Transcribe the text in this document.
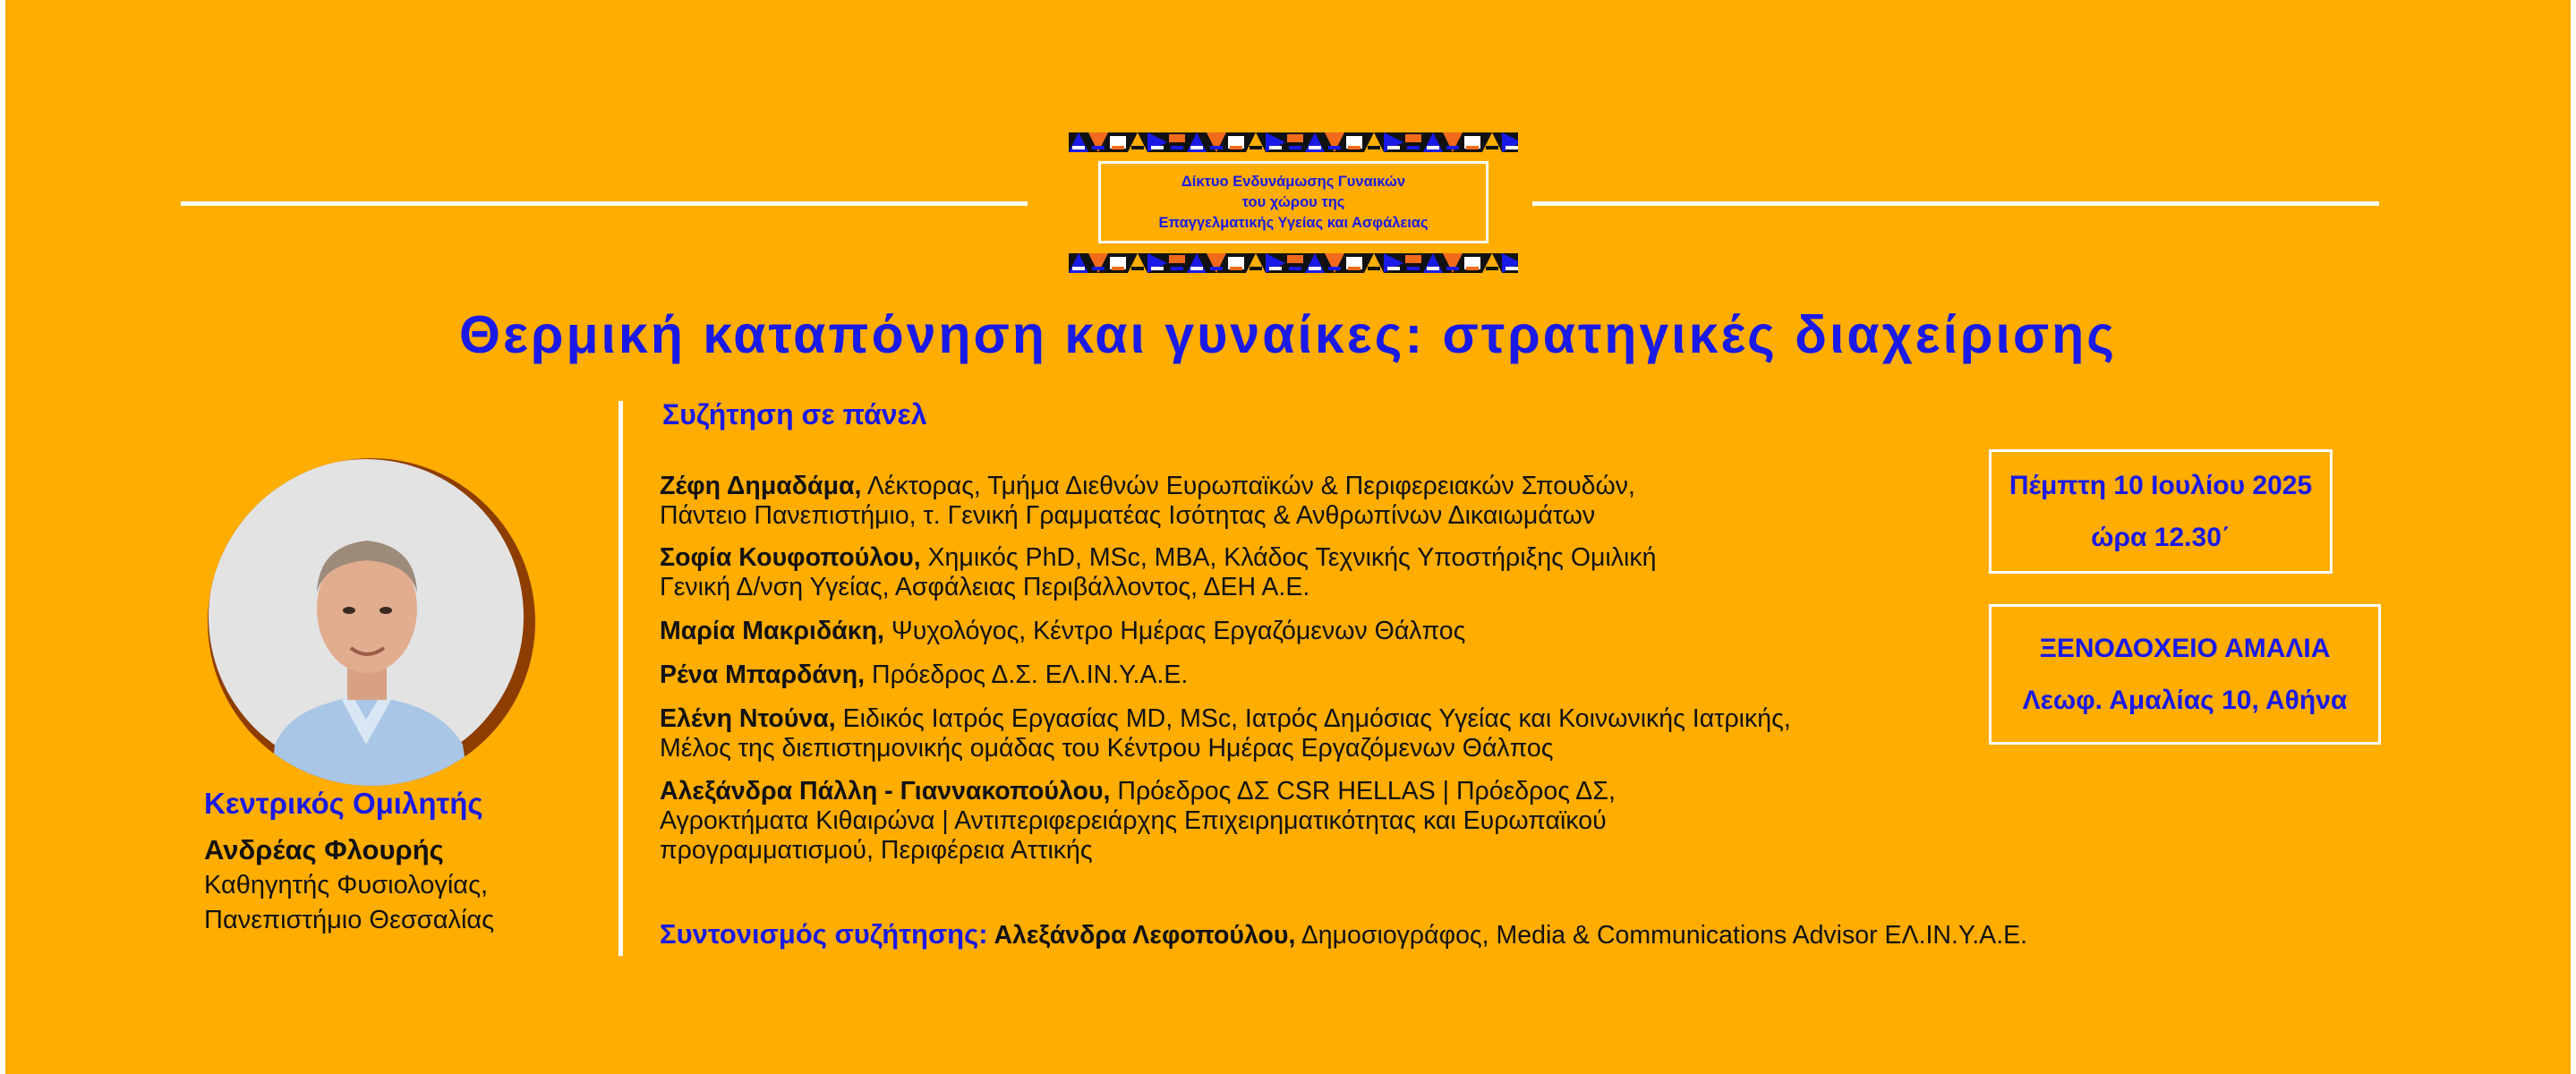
Δίκτυο Ενδυνάμωσης Γυναικών
του χώρου της
Επαγγελματικής Υγείας και Ασφάλειας
Θερμική καταπόνηση και γυναίκες: στρατηγικές διαχείρισης
Κεντρικός Ομιλητής
Ανδρέας Φλουρής
Καθηγητής Φυσιολογίας,
Πανεπιστήμιο Θεσσαλίας
Συζήτηση σε πάνελ
Ζέφη Δημαδάμα, Λέκτορας, Τμήμα Διεθνών Ευρωπαϊκών & Περιφερειακών Σπουδών,
Πάντειο Πανεπιστήμιο, τ. Γενική Γραμματέας Ισότητας & Ανθρωπίνων Δικαιωμάτων
Σοφία Κουφοπούλου, Χημικός PhD, MSc, MBA, Κλάδος Τεχνικής Υποστήριξης Ομιλική
Γενική Δ/νση Υγείας, Ασφάλειας Περιβάλλοντος, ΔΕΗ Α.Ε.
Μαρία Μακριδάκη, Ψυχολόγος, Κέντρο Ημέρας Εργαζόμενων Θάλπος
Ρένα Μπαρδάνη, Πρόεδρος Δ.Σ. ΕΛ.ΙΝ.Υ.Α.Ε.
Ελένη Ντούνα, Ειδικός Ιατρός Εργασίας MD, MSc, Ιατρός Δημόσιας Υγείας και Κοινωνικής Ιατρικής,
Μέλος της διεπιστημονικής ομάδας του Κέντρου Ημέρας Εργαζόμενων Θάλπος
Αλεξάνδρα Πάλλη - Γιαννακοπούλου, Πρόεδρος ΔΣ CSR HELLAS | Πρόεδρος ΔΣ,
Αγροκτήματα Κιθαιρώνα | Αντιπεριφερειάρχης Επιχειρηματικότητας και Ευρωπαϊκού
προγραμματισμού, Περιφέρεια Αττικής
Συντονισμός συζήτησης: Αλεξάνδρα Λεφοπούλου, Δημοσιογράφος, Media & Communications Advisor ΕΛ.ΙΝ.Υ.Α.Ε.
Πέμπτη 10 Ιουλίου 2025
ώρα 12.30΄
ΞΕΝΟΔΟΧΕΙΟ ΑΜΑΛΙΑ
Λεωφ. Αμαλίας 10, Αθήνα
